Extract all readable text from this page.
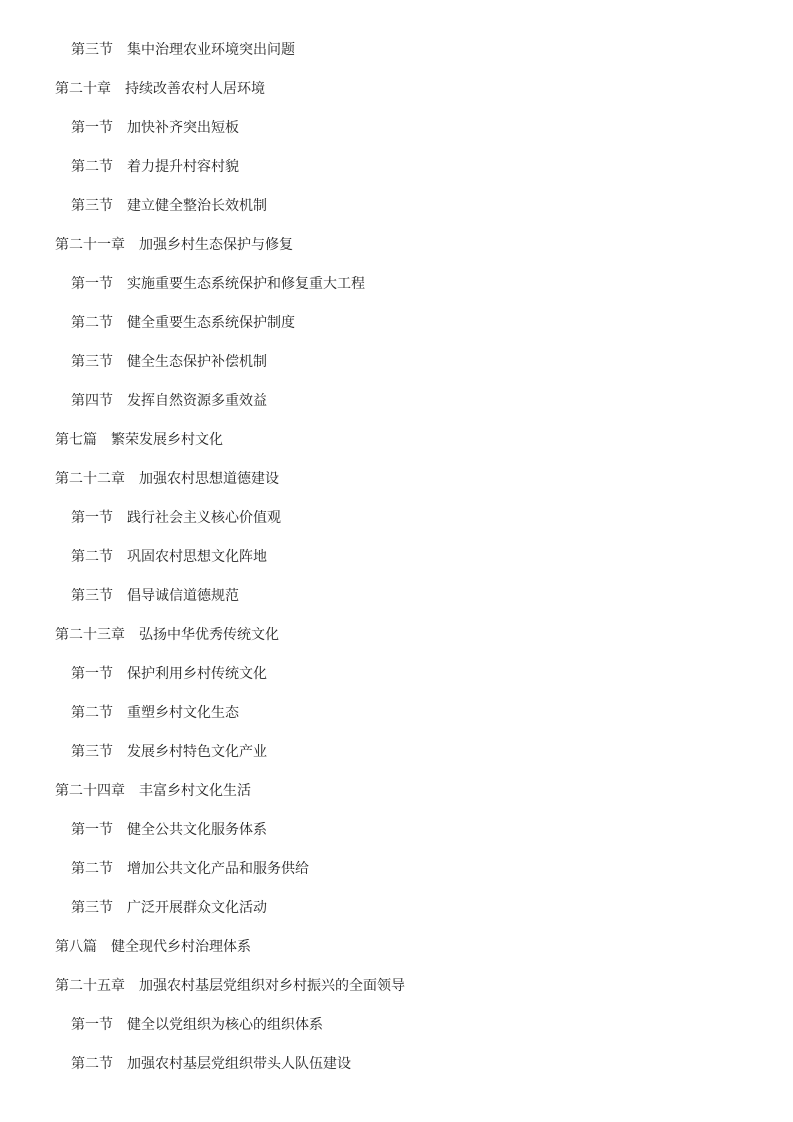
第三节 集中治理农业环境突出问题
第二十章 持续改善农村人居环境
第一节 加快补齐突出短板
第二节 着力提升村容村貌
第三节 建立健全整治长效机制
第二十一章 加强乡村生态保护与修复
第一节 实施重要生态系统保护和修复重大工程
第二节 健全重要生态系统保护制度
第三节 健全生态保护补偿机制
第四节 发挥自然资源多重效益
第七篇 繁荣发展乡村文化
第二十二章 加强农村思想道德建设
第一节 践行社会主义核心价值观
第二节 巩固农村思想文化阵地
第三节 倡导诚信道德规范
第二十三章 弘扬中华优秀传统文化
第一节 保护利用乡村传统文化
第二节 重塑乡村文化生态
第三节 发展乡村特色文化产业
第二十四章 丰富乡村文化生活
第一节 健全公共文化服务体系
第二节 增加公共文化产品和服务供给
第三节 广泛开展群众文化活动
第八篇 健全现代乡村治理体系
第二十五章 加强农村基层党组织对乡村振兴的全面领导
第一节 健全以党组织为核心的组织体系
第二节 加强农村基层党组织带头人队伍建设
